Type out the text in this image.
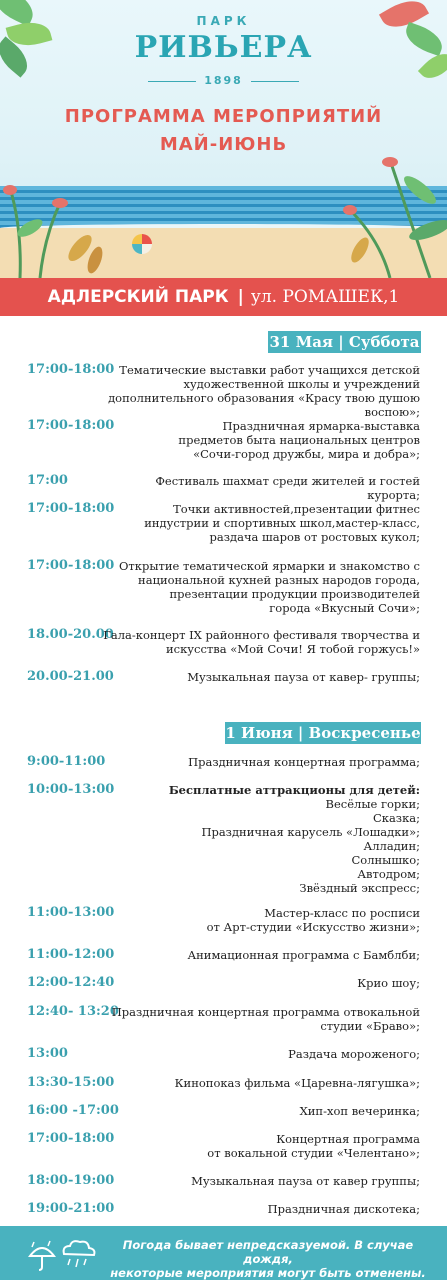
ПАРК
РИВЬЕРА
1898
ПРОГРАММА МЕРОПРИЯТИЙ
МАЙ-ИЮНЬ
АДЛЕРСКИЙ ПАРК | ул. РОМАШЕК,1
31 Мая | Суббота
17:00-18:00 Тематические выставки работ учащихся детской
художественной школы и учреждений
дополнительного образования «Красу твою душою воспою»;
17:00-18:00	Праздничная ярмарка-выставка
предметов быта национальных центров
«Сочи-город дружбы, мира и добра»;
17:00	Фестиваль шахмат среди жителей и гостей курорта;
17:00-18:00	Точки активностей,презентации фитнес
индустрии и спортивных школ,мастер-класс,
раздача шаров от ростовых кукол;
17:00-18:00 Открытие тематической ярмарки и знакомство с
национальной кухней разных народов города,
презентации продукции производителей
города «Вкусный Сочи»;
18.00-20.00
Гала-концерт IX районного фестиваля творчества и
искусства «Мой Сочи! Я тобой горжусь!»
20.00-21.00	Музыкальная пауза от кавер- группы;
1 Июня | Воскресенье
9:00-11:00	Праздничная концертная программа;
10:00-13:00	Бесплатные аттракционы для детей:
Весёлые горки;
Сказка;
Праздничная карусель «Лошадки»;
Алладин;
Солнышко;
Автодром;
Звёздный экспресс;
11:00-13:00	Мастер-класс по росписи
от Арт-студии «Искусство жизни»;
11:00-12:00	Анимационная программа с Бамблби;
12:00-12:40	Крио шоу;
12:40- 13:20
Праздничная концертная программа отвокальной
студии «Браво»;
13:00	Раздача мороженого;
13:30-15:00	Кинопоказ фильма «Царевна-лягушка»;
16:00 -17:00	Хип-хоп вечеринка;
17:00-18:00	Концертная программа
от вокальной студии «Челентано»;
18:00-19:00	Музыкальная пауза от кавер группы;
19:00-21:00	Праздничная дискотека;
Погода бывает непредсказуемой. В случае дождя,
некоторые мероприятия могут быть отменены.
